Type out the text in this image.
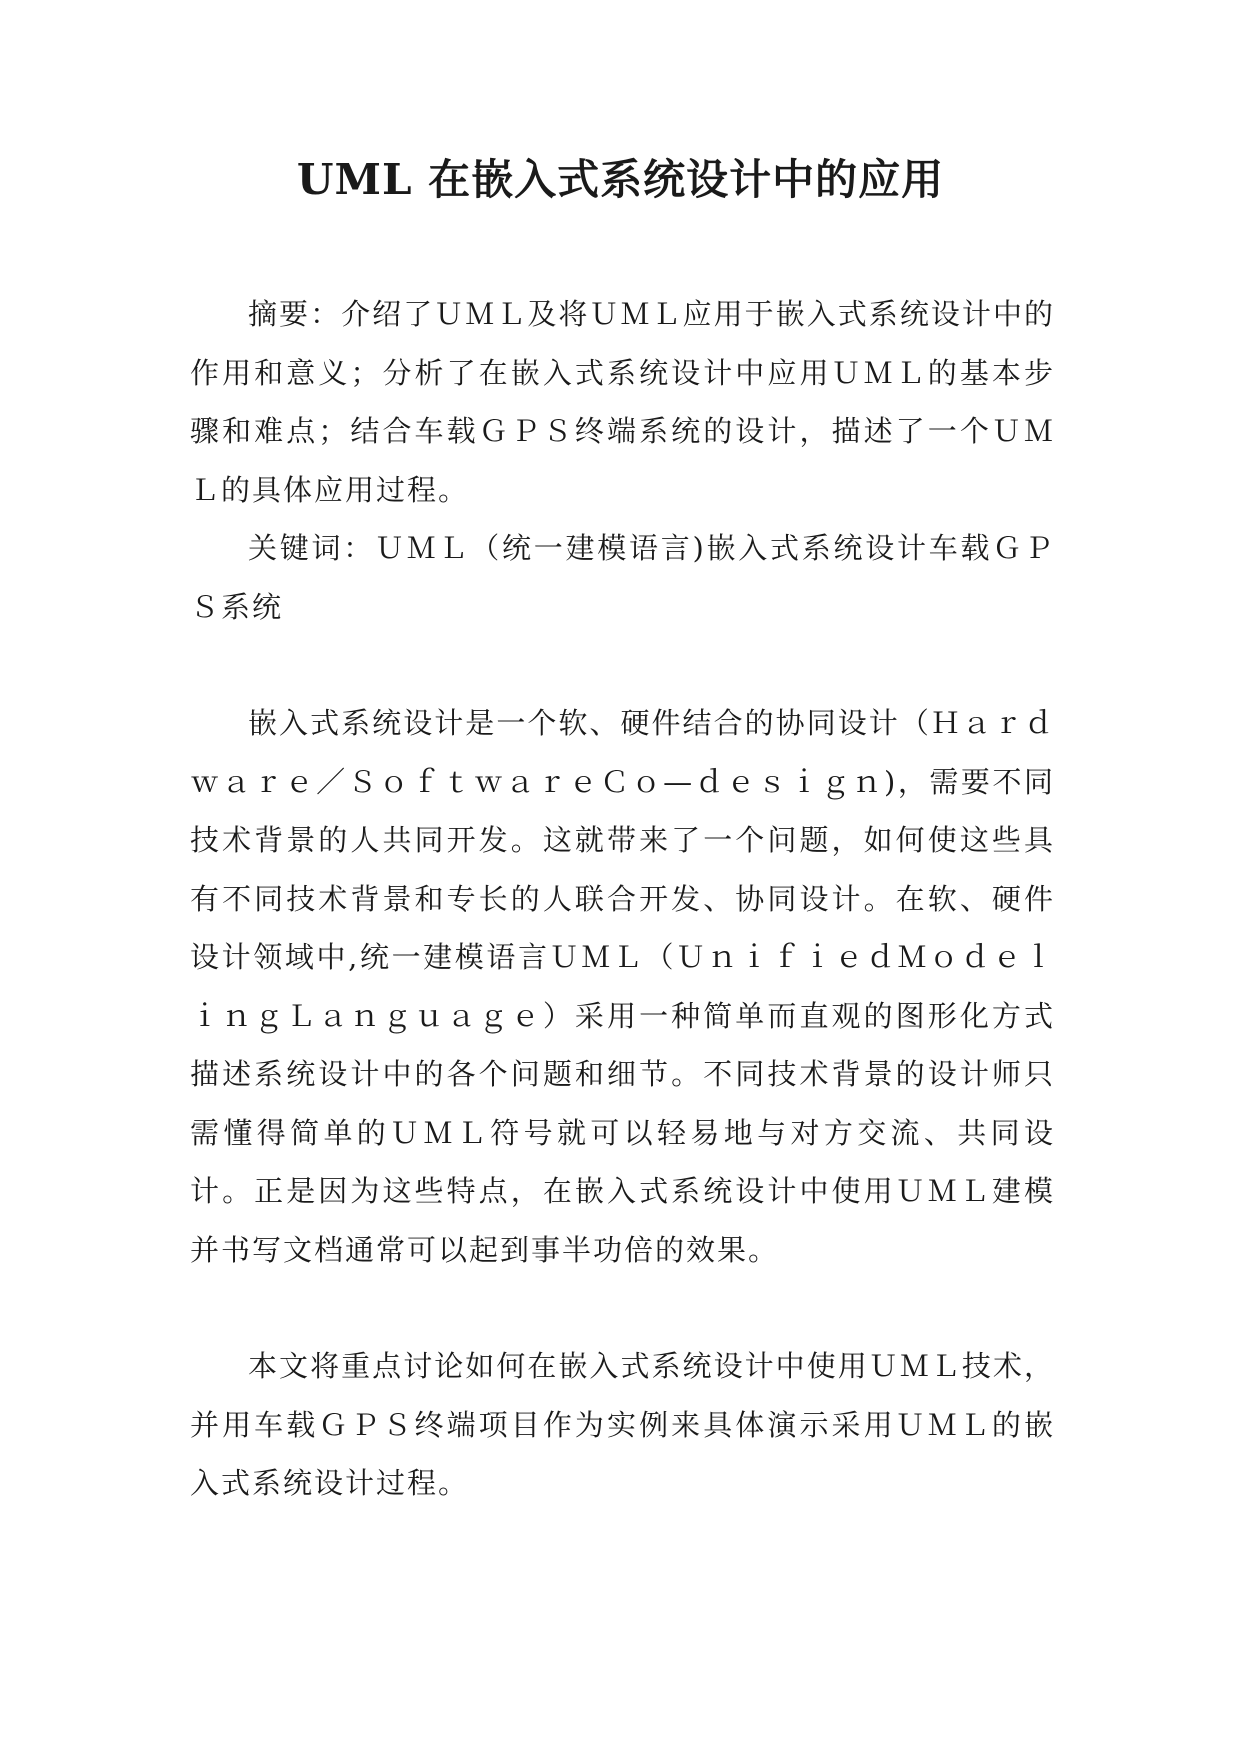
UML 在嵌入式系统设计中的应用

摘要：介绍了ＵＭＬ及将ＵＭＬ应用于嵌入式系统设计中的作用和意义；分析了在嵌入式系统设计中应用ＵＭＬ的基本步骤和难点；结合车载ＧＰＳ终端系统的设计，描述了一个ＵＭＬ的具体应用过程。

关键词：ＵＭＬ（统一建模语言)嵌入式系统设计车载ＧＰＳ系统

嵌入式系统设计是一个软、硬件结合的协同设计（Ｈａｒｄｗａｒｅ／ＳｏｆｔｗａｒｅＣｏ—ｄｅｓｉｇｎ)，需要不同技术背景的人共同开发。这就带来了一个问题，如何使这些具有不同技术背景和专长的人联合开发、协同设计。在软、硬件设计领域中,统一建模语言ＵＭＬ（ＵｎｉｆｉｅｄＭｏｄｅｌｉｎｇＬａｎｇｕａｇｅ）采用一种简单而直观的图形化方式描述系统设计中的各个问题和细节。不同技术背景的设计师只需懂得简单的ＵＭＬ符号就可以轻易地与对方交流、共同设计。正是因为这些特点，在嵌入式系统设计中使用ＵＭＬ建模并书写文档通常可以起到事半功倍的效果。

本文将重点讨论如何在嵌入式系统设计中使用ＵＭＬ技术，并用车载ＧＰＳ终端项目作为实例来具体演示采用ＵＭＬ的嵌入式系统设计过程。
